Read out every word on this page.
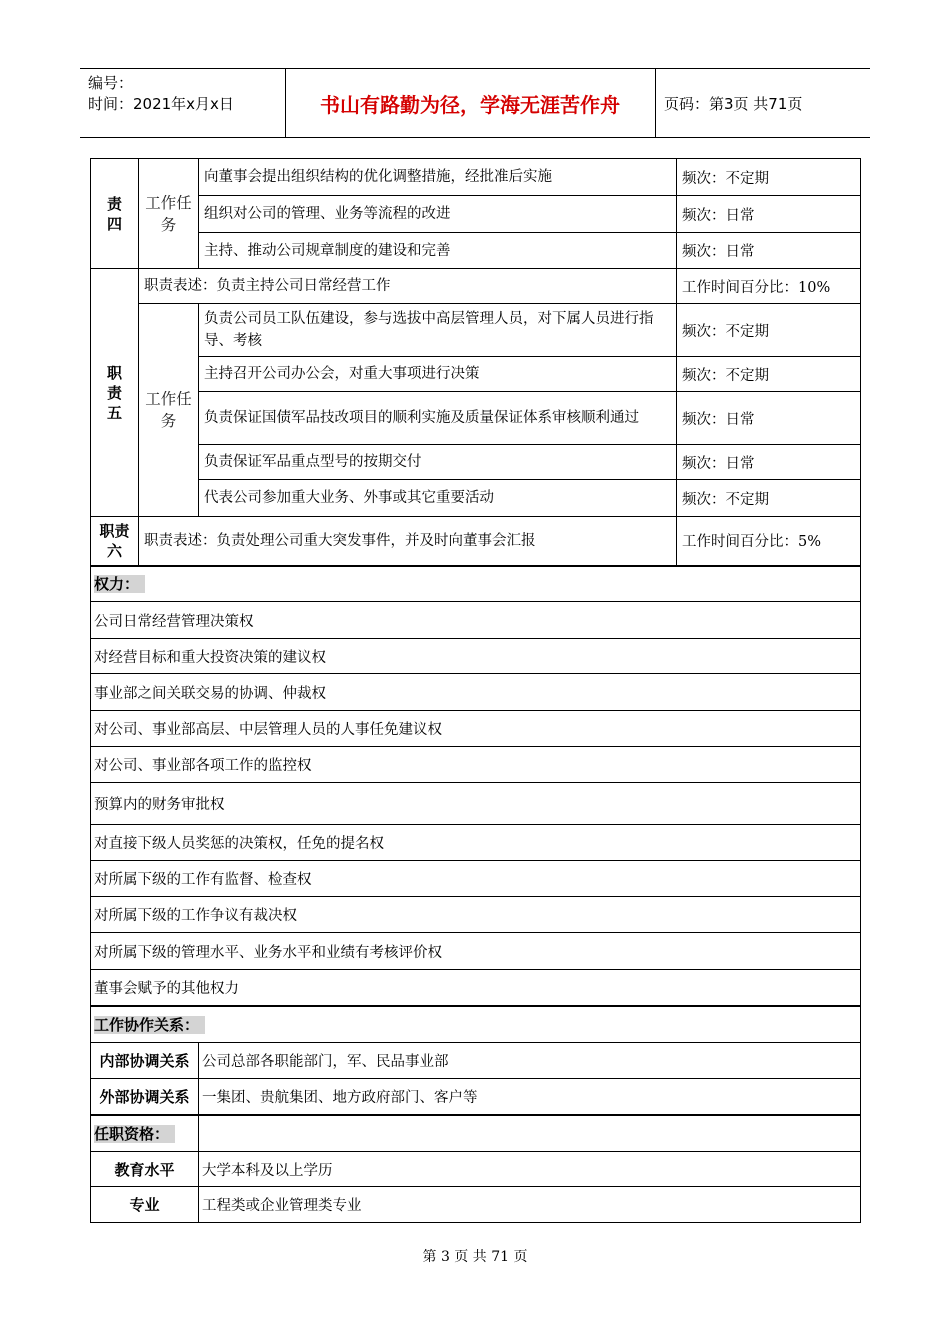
编号：
时间：2021年x月x日	书山有路勤为径，学海无涯苦作舟	页码：第3页 共71页
责四	工作任务	向董事会提出组织结构的优化调整措施，经批准后实施	频次：不定期
		组织对公司的管理、业务等流程的改进	频次：日常
		主持、推动公司规章制度的建设和完善	频次：日常
职责五	职责表述：负责主持公司日常经营工作		工作时间百分比：10%
	工作任务	负责公司员工队伍建设，参与选拔中高层管理人员，对下属人员进行指导、考核	频次：不定期
		主持召开公司办公会，对重大事项进行决策	频次：不定期
		负责保证国债军品技改项目的顺利实施及质量保证体系审核顺利通过	频次：日常
		负责保证军品重点型号的按期交付	频次：日常
		代表公司参加重大业务、外事或其它重要活动	频次：不定期
职责六	职责表述：负责处理公司重大突发事件，并及时向董事会汇报		工作时间百分比：5%
权力：			
公司日常经营管理决策权			
对经营目标和重大投资决策的建议权			
事业部之间关联交易的协调、仲裁权			
对公司、事业部高层、中层管理人员的人事任免建议权			
对公司、事业部各项工作的监控权			
预算内的财务审批权			
对直接下级人员奖惩的决策权，任免的提名权			
对所属下级的工作有监督、检查权			
对所属下级的工作争议有裁决权			
对所属下级的管理水平、业务水平和业绩有考核评价权			
董事会赋予的其他权力			
工作协作关系：			
内部协调关系		公司总部各职能部门，军、民品事业部	
外部协调关系		一集团、贵航集团、地方政府部门、客户等	
任职资格：			
教育水平		大学本科及以上学历	
专业		工程类或企业管理类专业	
第 3 页 共 71 页
